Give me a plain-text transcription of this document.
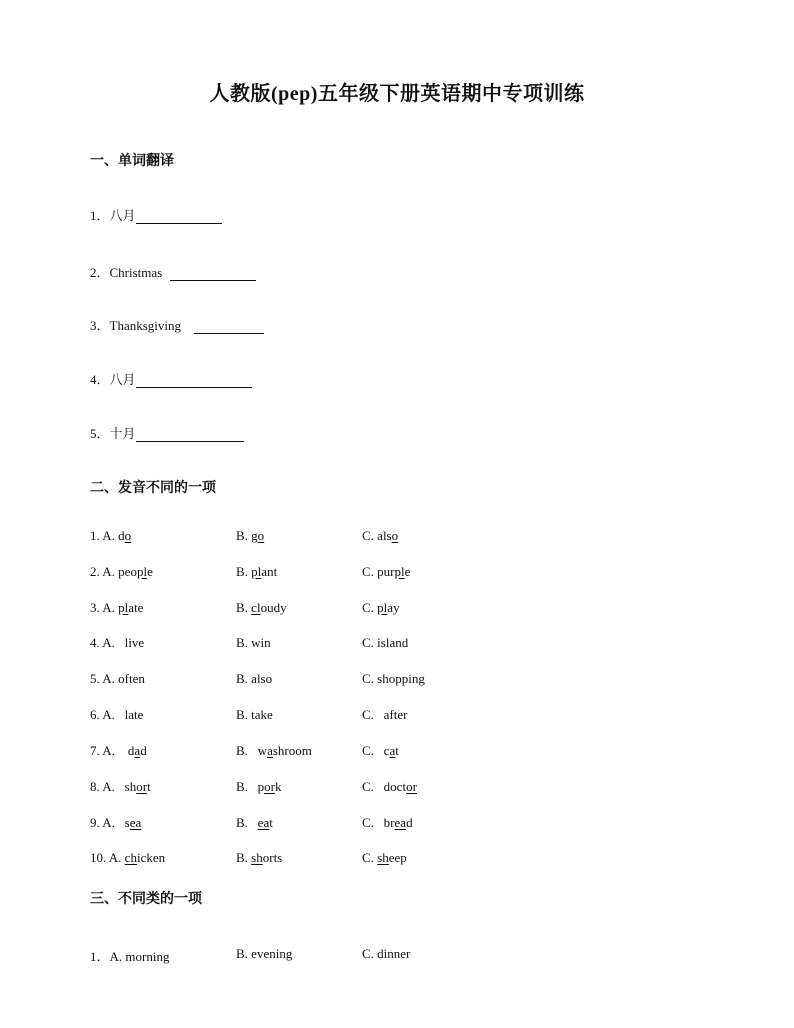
人教版(pep)五年级下册英语期中专项训练
一、单词翻译
1．八月
2．Christmas
3．Thanksgiving
4．八月
5．十月
二、发音不同的一项
1. A. do	B. go	C. also
2. A. people	B. plant	C. purple
3. A. plate	B. cloudy	C. play
4. A.   live	B. win	C. island
5. A. often	B. also	C. shopping
6. A.   late	B. take	C.   after
7. A.    dad	B.   washroom	C.   cat
8. A.   short	B.   pork	C.   doctor
9. A.   sea	B. eat	C.   bread
10. A. chicken	B. shorts	C. sheep
三、不同类的一项
1．A. morning	B. evening	C. dinner
